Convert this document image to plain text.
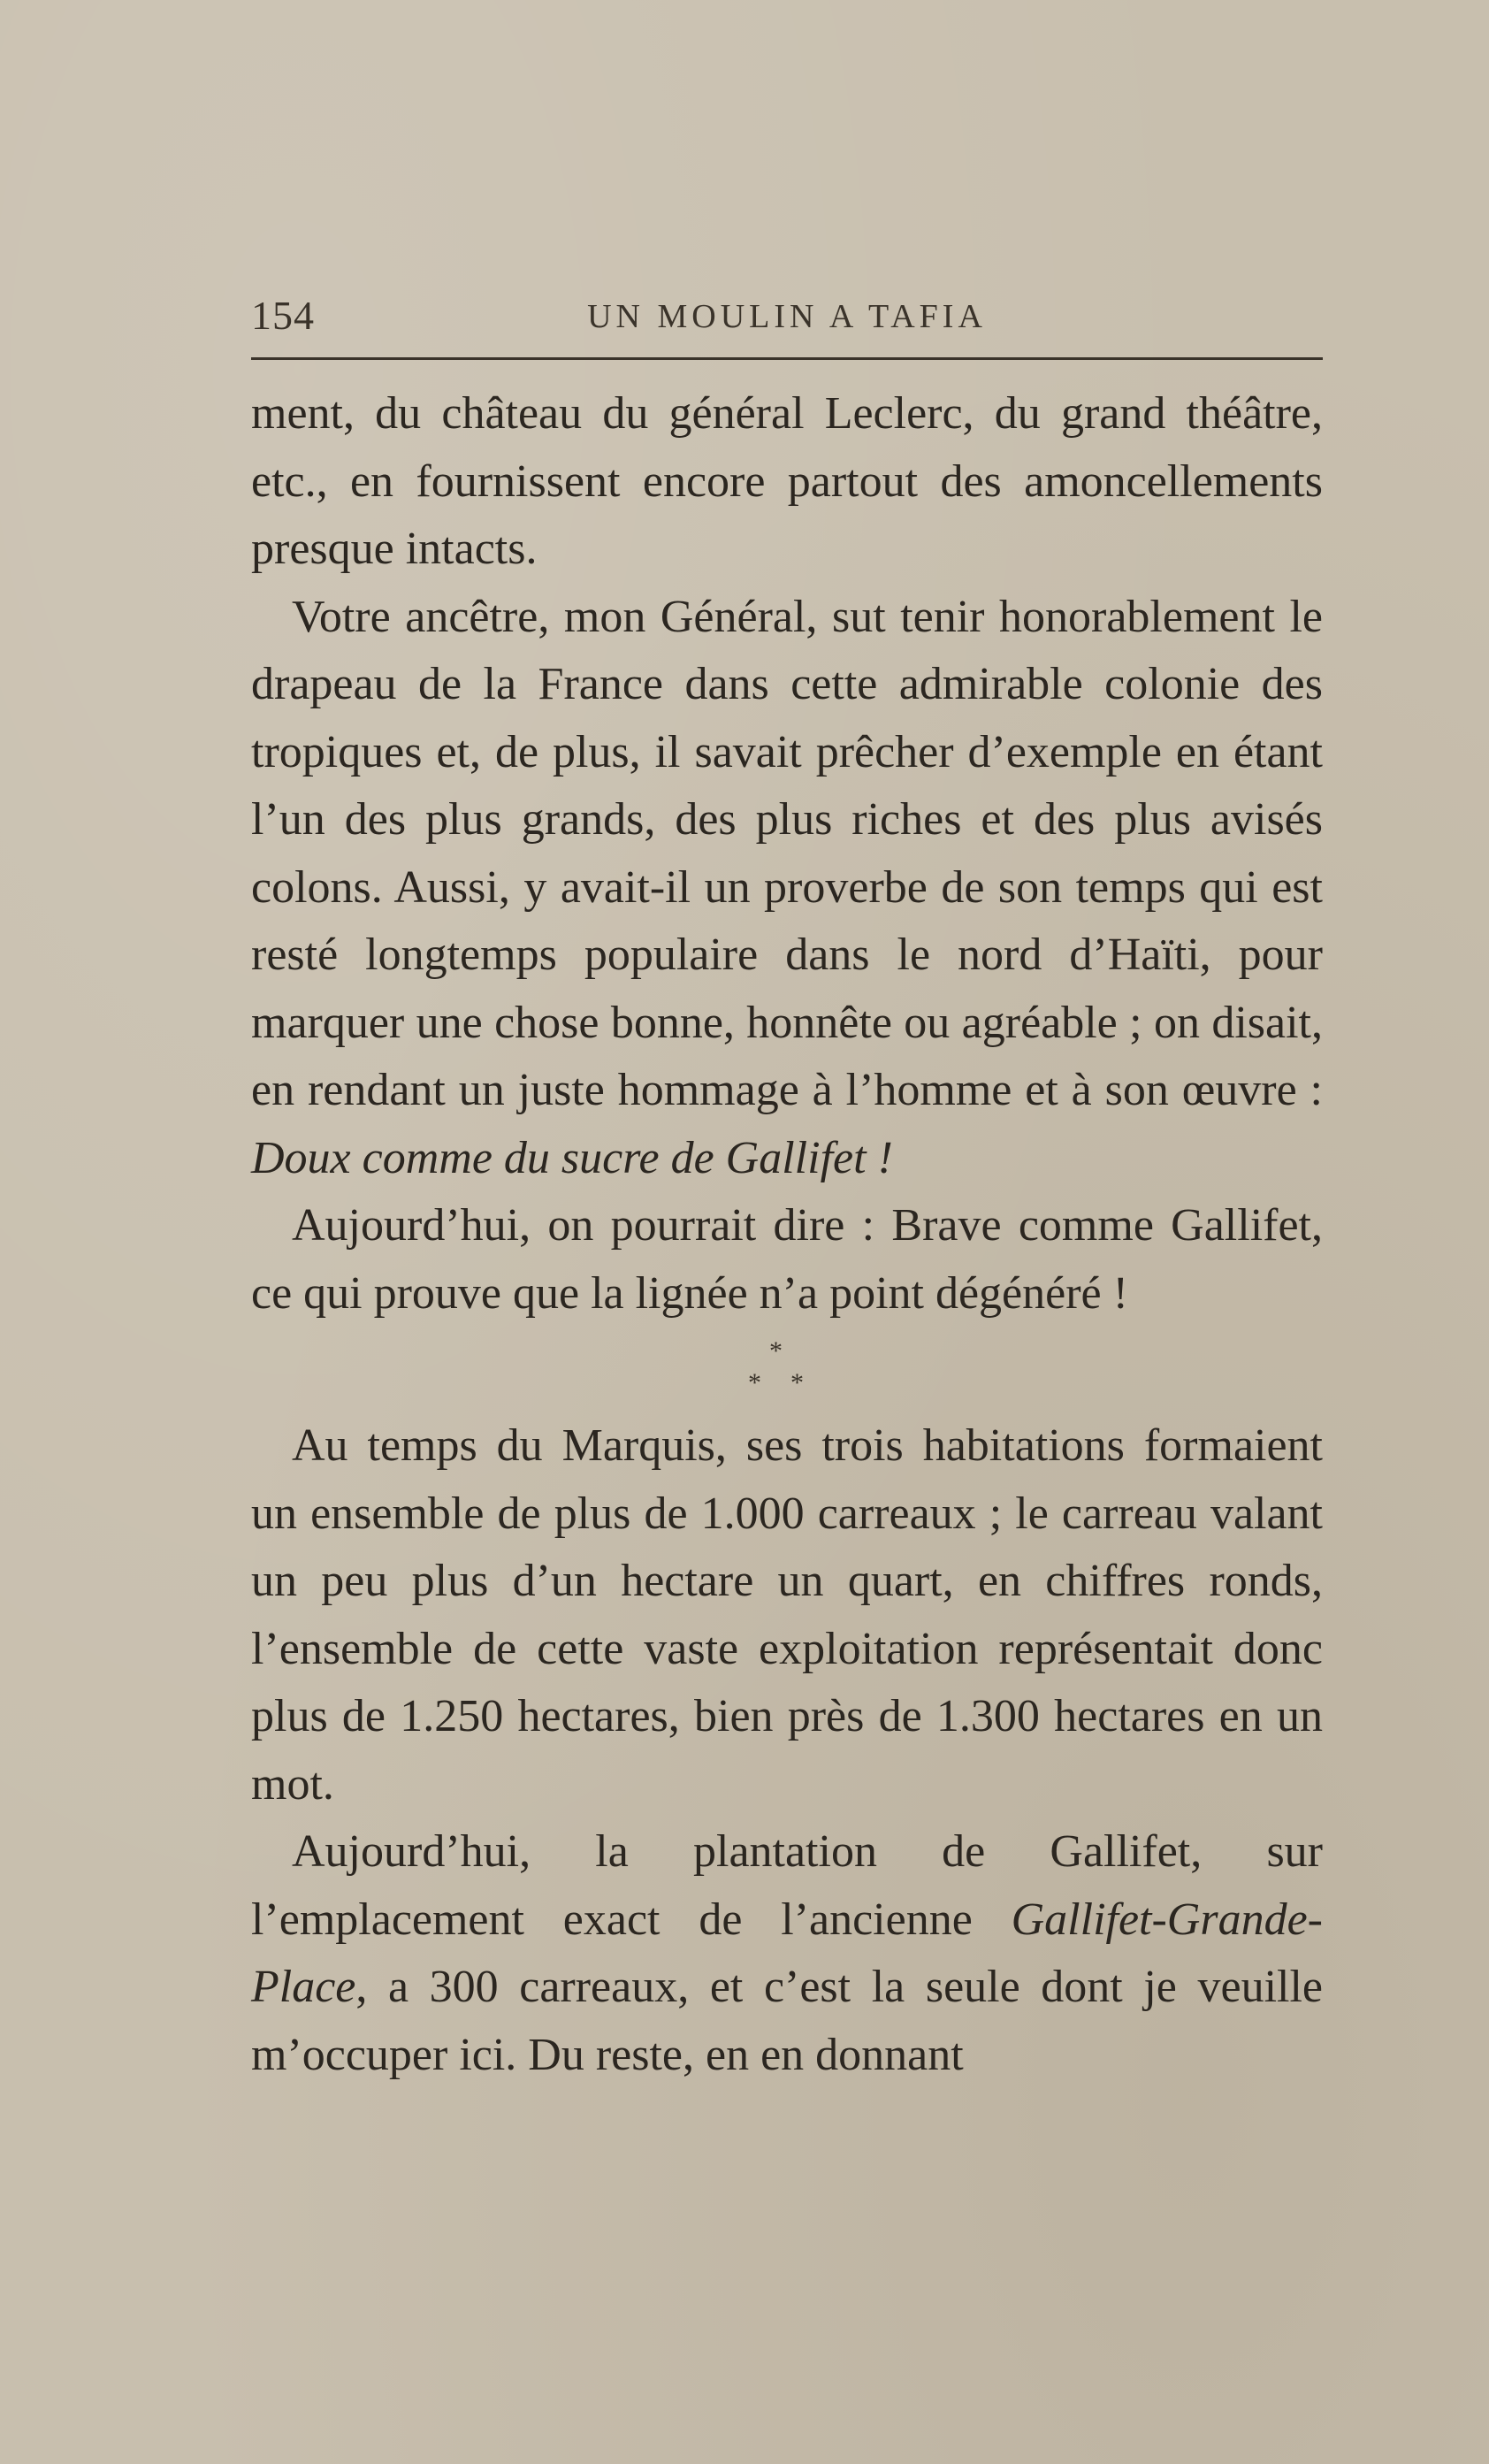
154	UN MOULIN A TAFIA

ment, du château du général Leclerc, du grand théâtre, etc., en fournissent encore partout des amoncellements presque intacts.

Votre ancêtre, mon Général, sut tenir honorablement le drapeau de la France dans cette admirable colonie des tropiques et, de plus, il savait prêcher d’exemple en étant l’un des plus grands, des plus riches et des plus avisés colons. Aussi, y avait-il un proverbe de son temps qui est resté longtemps populaire dans le nord d’Haïti, pour marquer une chose bonne, honnête ou agréable ; on disait, en rendant un juste hommage à l’homme et à son œuvre : Doux comme du sucre de Gallifet !

Aujourd’hui, on pourrait dire : Brave comme Gallifet, ce qui prouve que la lignée n’a point dégénéré !

*
* *

Au temps du Marquis, ses trois habitations formaient un ensemble de plus de 1.000 carreaux ; le carreau valant un peu plus d’un hectare un quart, en chiffres ronds, l’ensemble de cette vaste exploitation représentait donc plus de 1.250 hectares, bien près de 1.300 hectares en un mot.

Aujourd’hui, la plantation de Gallifet, sur l’emplacement exact de l’ancienne Gallifet-Grande-Place, a 300 carreaux, et c’est la seule dont je veuille m’occuper ici. Du reste, en en donnant
